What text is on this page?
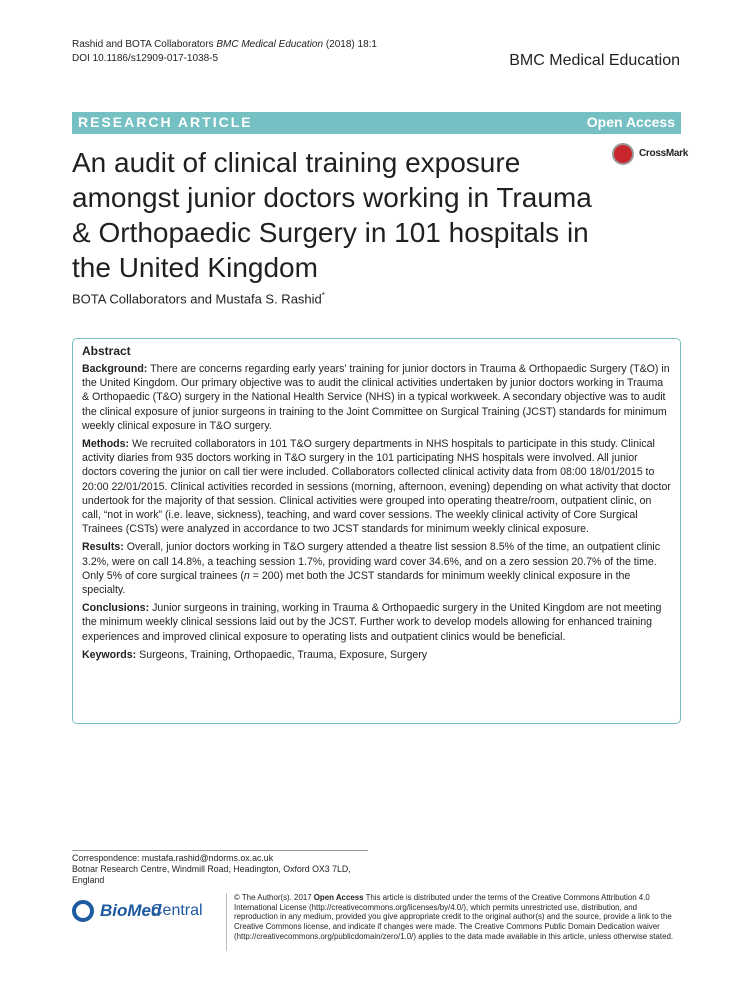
Rashid and BOTA Collaborators BMC Medical Education (2018) 18:1
DOI 10.1186/s12909-017-1038-5	BMC Medical Education
RESEARCH ARTICLE	Open Access
An audit of clinical training exposure amongst junior doctors working in Trauma & Orthopaedic Surgery in 101 hospitals in the United Kingdom
CrossMark
BOTA Collaborators and Mustafa S. Rashid*
Abstract

Background: There are concerns regarding early years’ training for junior doctors in Trauma & Orthopaedic Surgery (T&O) in the United Kingdom. Our primary objective was to audit the clinical activities undertaken by junior doctors working in Trauma & Orthopaedic (T&O) surgery in the National Health Service (NHS) in a typical workweek. A secondary objective was to audit the clinical exposure of junior surgeons in training to the Joint Committee on Surgical Training (JCST) standards for minimum weekly clinical exposure in T&O surgery.

Methods: We recruited collaborators in 101 T&O surgery departments in NHS hospitals to participate in this study. Clinical activity diaries from 935 doctors working in T&O surgery in the 101 participating NHS hospitals were involved. All junior doctors covering the junior on call tier were included. Collaborators collected clinical activity data from 08:00 18/01/2015 to 20:00 22/01/2015. Clinical activities recorded in sessions (morning, afternoon, evening) depending on what activity that doctor undertook for the majority of that session. Clinical activities were grouped into operating theatre/room, outpatient clinic, on call, “not in work” (i.e. leave, sickness), teaching, and ward cover sessions. The weekly clinical activity of Core Surgical Trainees (CSTs) were analyzed in accordance to two JCST standards for minimum weekly clinical exposure.

Results: Overall, junior doctors working in T&O surgery attended a theatre list session 8.5% of the time, an outpatient clinic 3.2%, were on call 14.8%, a teaching session 1.7%, providing ward cover 34.6%, and on a zero session 20.7% of the time. Only 5% of core surgical trainees (n = 200) met both the JCST standards for minimum weekly clinical exposure in the specialty.

Conclusions: Junior surgeons in training, working in Trauma & Orthopaedic surgery in the United Kingdom are not meeting the minimum weekly clinical sessions laid out by the JCST. Further work to develop models allowing for enhanced training experiences and improved clinical exposure to operating lists and outpatient clinics would be beneficial.

Keywords: Surgeons, Training, Orthopaedic, Trauma, Exposure, Surgery

Correspondence: mustafa.rashid@ndorms.ox.ac.uk
Botnar Research Centre, Windmill Road, Headington, Oxford OX3 7LD,
England
BioMed
Central
© The Author(s). 2017 Open Access This article is distributed under the terms of the Creative Commons Attribution 4.0 International License (http://creativecommons.org/licenses/by/4.0/), which permits unrestricted use, distribution, and reproduction in any medium, provided you give appropriate credit to the original author(s) and the source, provide a link to the Creative Commons license, and indicate if changes were made. The Creative Commons Public Domain Dedication waiver (http://creativecommons.org/publicdomain/zero/1.0/) applies to the data made available in this article, unless otherwise stated.
